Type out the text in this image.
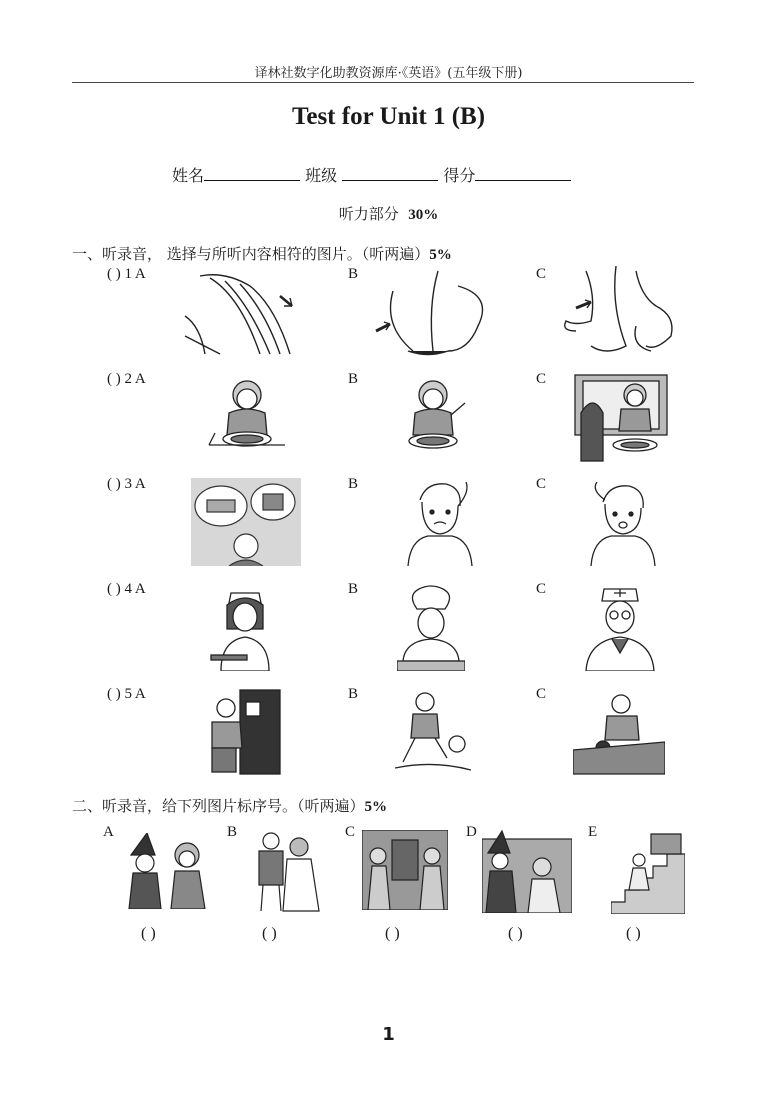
译林社数字化助教资源库·《英语》(五年级下册)
Test for Unit 1 (B)
姓名	班级	得分
听力部分 30%
一、听录音， 选择与所听内容相符的图片。（听两遍）5%
( ) 1 A	B	C
( ) 2 A	B	C
( ) 3 A	B	C
( ) 4 A	B	C
( ) 5 A	B	C
二、听录音，给下列图片标序号。（听两遍）5%
A	B	C	D	E
( )	( )	( )	( )	( )
1
